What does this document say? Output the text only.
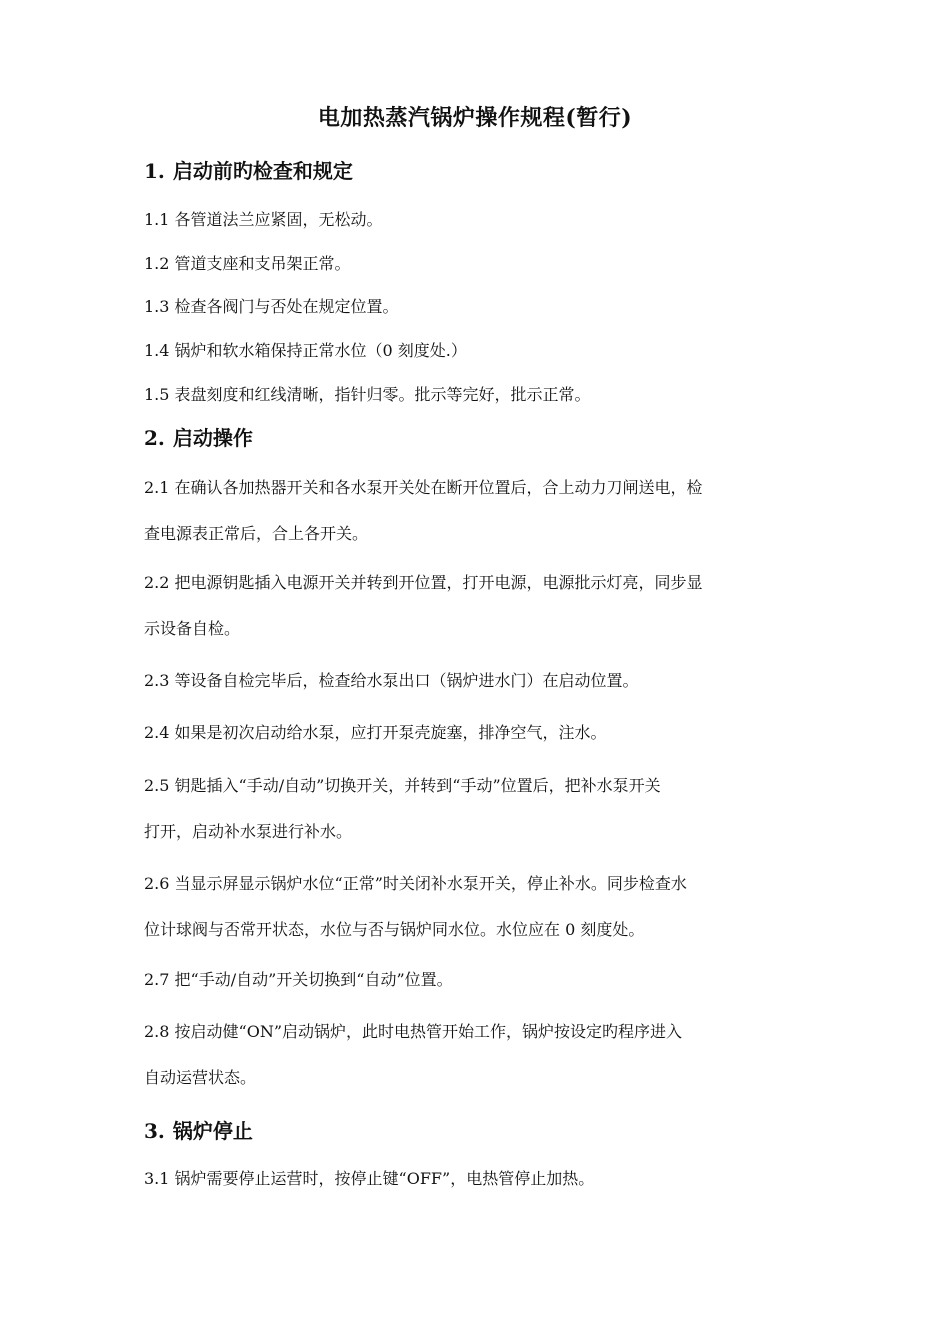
电加热蒸汽锅炉操作规程(暂行)
1. 启动前旳检查和规定

1.1 各管道法兰应紧固，无松动。

1.2 管道支座和支吊架正常。

1.3 检查各阀门与否处在规定位置。

1.4 锅炉和软水箱保持正常水位（0 刻度处.）

1.5 表盘刻度和红线清晰，指针归零。批示等完好，批示正常。

2. 启动操作

2.1 在确认各加热器开关和各水泵开关处在断开位置后，合上动力刀闸送电，检
查电源表正常后，合上各开关。

2.2 把电源钥匙插入电源开关并转到开位置，打开电源，电源批示灯亮，同步显
示设备自检。

2.3 等设备自检完毕后，检查给水泵出口（锅炉进水门）在启动位置。

2.4 如果是初次启动给水泵，应打开泵壳旋塞，排净空气，注水。

2.5 钥匙插入“手动/自动”切换开关，并转到“手动”位置后，把补水泵开关
打开，启动补水泵进行补水。

2.6 当显示屏显示锅炉水位“正常”时关闭补水泵开关，停止补水。同步检查水
位计球阀与否常开状态，水位与否与锅炉同水位。水位应在 0 刻度处。

2.7 把“手动/自动”开关切换到“自动”位置。

2.8 按启动健“ON”启动锅炉，此时电热管开始工作，锅炉按设定旳程序进入
自动运营状态。

3. 锅炉停止

3.1 锅炉需要停止运营时，按停止键“OFF”，电热管停止加热。
